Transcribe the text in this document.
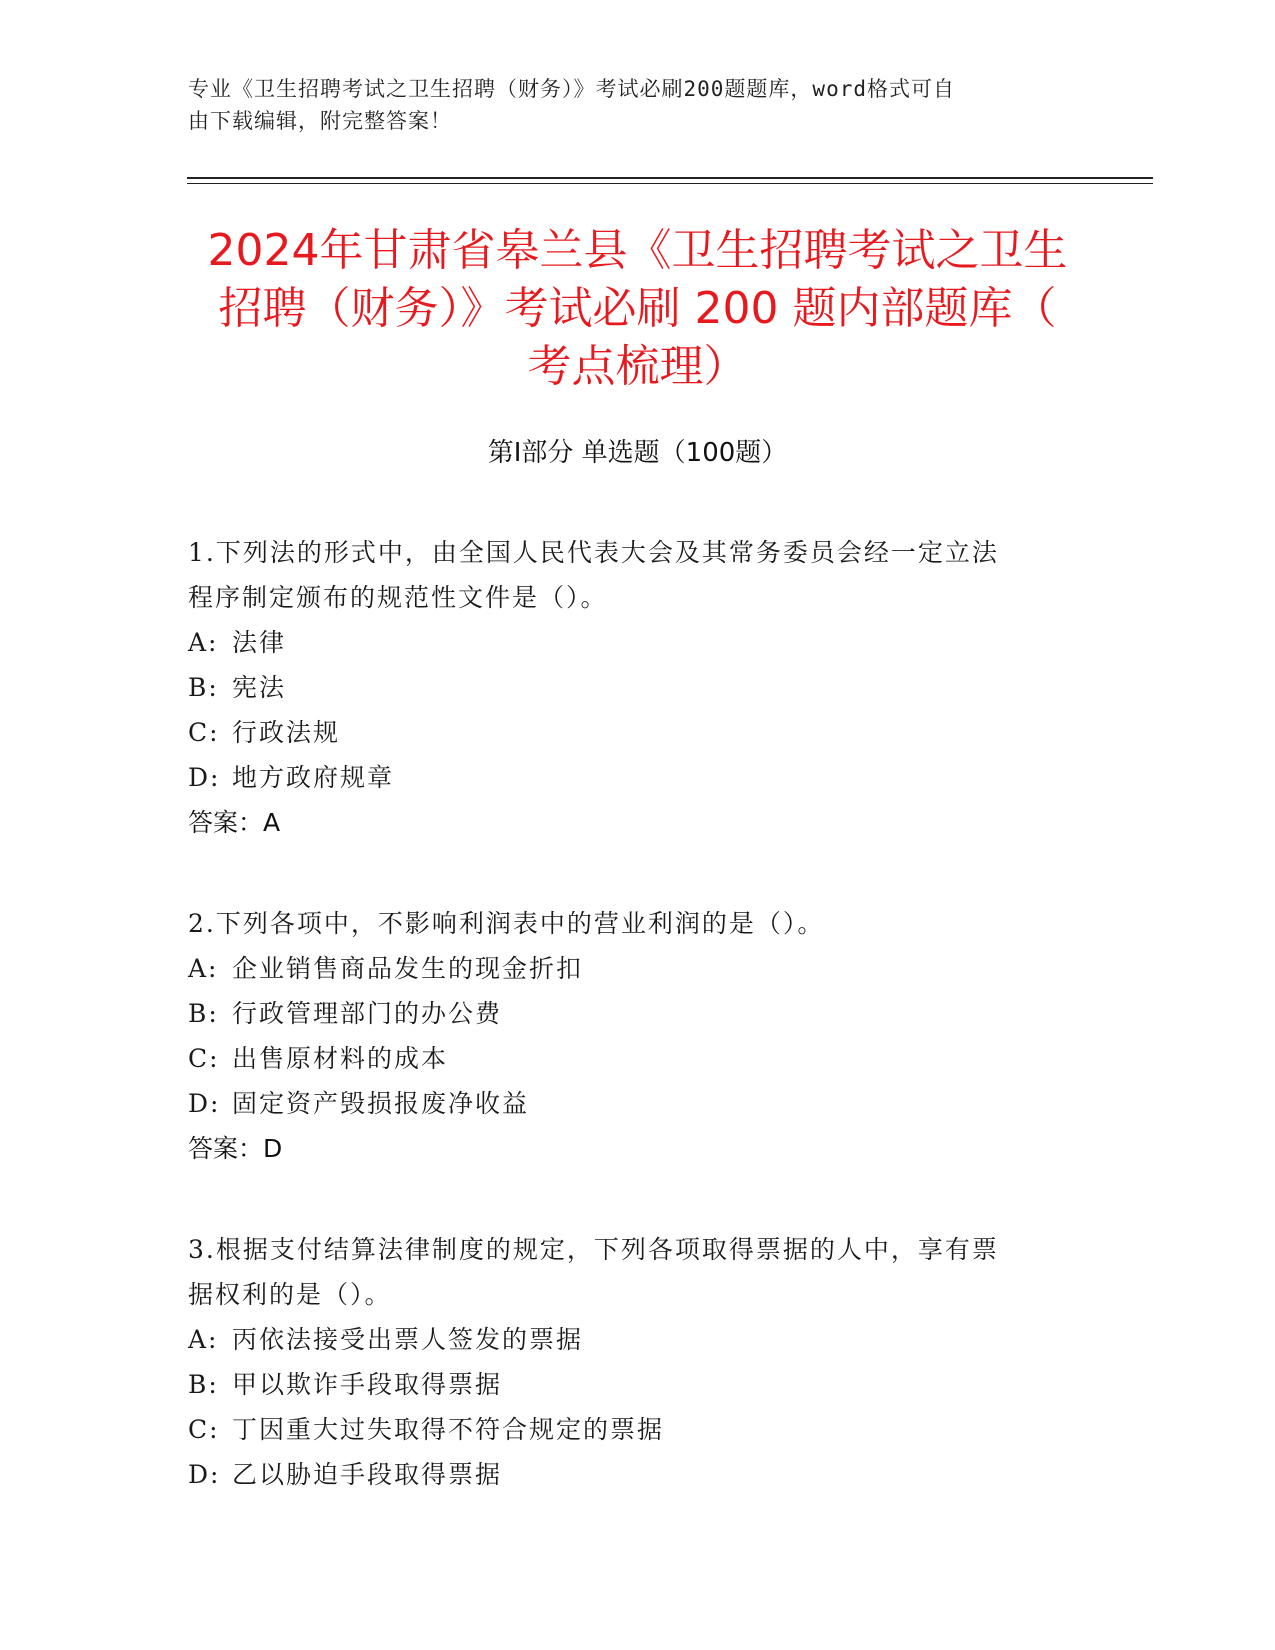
专业《卫生招聘考试之卫生招聘（财务）》考试必刷200题题库，word格式可自
由下载编辑，附完整答案！
2024年甘肃省皋兰县《卫生招聘考试之卫生
招聘（财务）》考试必刷 200 题内部题库（
考点梳理）
第Ⅰ部分 单选题（100题）

1.下列法的形式中，由全国人民代表大会及其常务委员会经一定立法

程序制定颁布的规范性文件是（）。

A: 法律

B: 宪法

C: 行政法规

D: 地方政府规章

答案：A

2.下列各项中，不影响利润表中的营业利润的是（）。

A: 企业销售商品发生的现金折扣

B: 行政管理部门的办公费

C: 出售原材料的成本

D: 固定资产毁损报废净收益

答案：D

3.根据支付结算法律制度的规定，下列各项取得票据的人中，享有票

据权利的是（）。

A: 丙依法接受出票人签发的票据

B: 甲以欺诈手段取得票据

C: 丁因重大过失取得不符合规定的票据

D: 乙以胁迫手段取得票据
